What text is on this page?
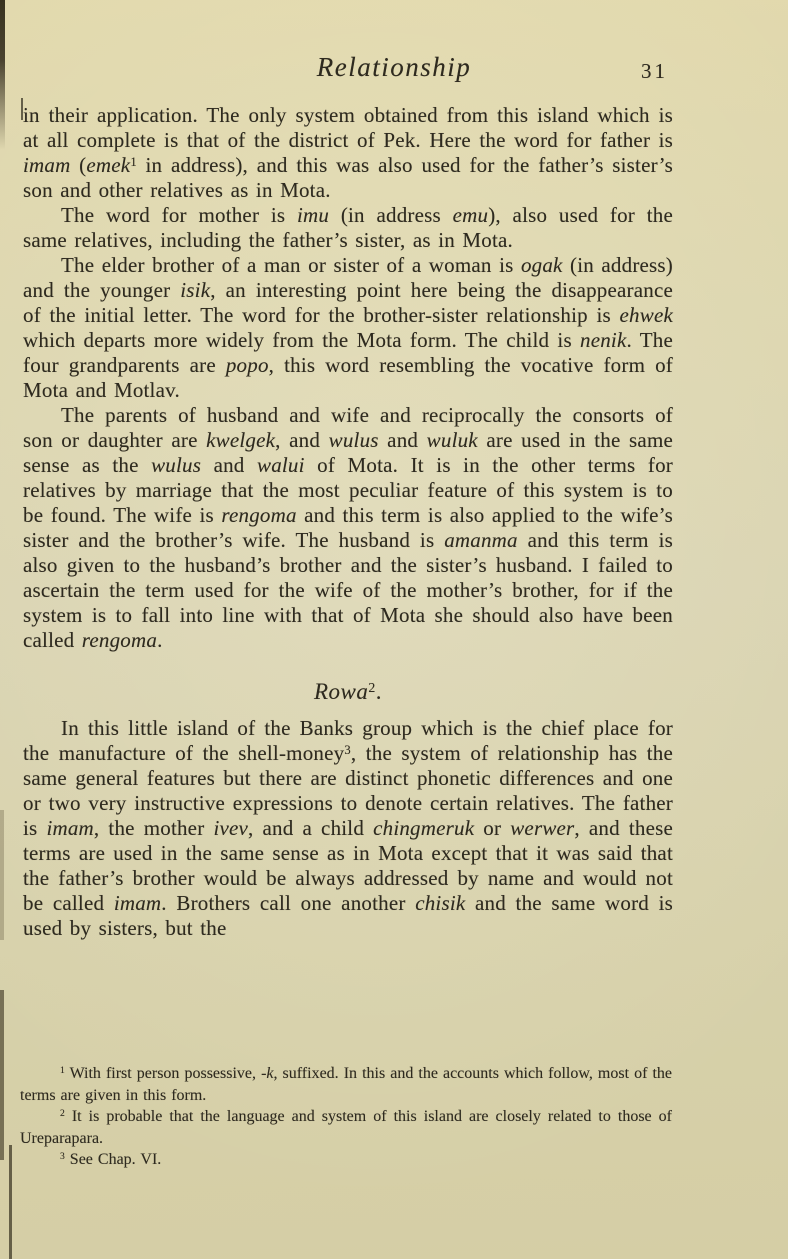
Relationship	31

in their application. The only system obtained from this island which is at all complete is that of the district of Pek. Here the word for father is imam (emek$^1$ in address), and this was also used for the father’s sister’s son and other relatives as in Mota.

The word for mother is imu (in address emu), also used for the same relatives, including the father’s sister, as in Mota.

The elder brother of a man or sister of a woman is ogak (in address) and the younger isik, an interesting point here being the disappearance of the initial letter. The word for the brother-sister relationship is ehwek which departs more widely from the Mota form. The child is nenik. The four grandparents are popo, this word resembling the vocative form of Mota and Motlav.

The parents of husband and wife and reciprocally the consorts of son or daughter are kwelgek, and wulus and wuluk are used in the same sense as the wulus and walui of Mota. It is in the other terms for relatives by marriage that the most peculiar feature of this system is to be found. The wife is rengoma and this term is also applied to the wife’s sister and the brother’s wife. The husband is amanma and this term is also given to the husband’s brother and the sister’s husband. I failed to ascertain the term used for the wife of the mother’s brother, for if the system is to fall into line with that of Mota she should also have been called rengoma.

Rowa$^2$.

In this little island of the Banks group which is the chief place for the manufacture of the shell-money$^3$, the system of relationship has the same general features but there are distinct phonetic differences and one or two very instructive expressions to denote certain relatives. The father is imam, the mother ivev, and a child chingmeruk or werwer, and these terms are used in the same sense as in Mota except that it was said that the father’s brother would be always addressed by name and would not be called imam. Brothers call one another chisik and the same word is used by sisters, but the

$^1$ With first person possessive, -k, suffixed. In this and the accounts which follow, most of the terms are given in this form.

$^2$ It is probable that the language and system of this island are closely related to those of Ureparapara.

$^3$ See Chap. VI.
